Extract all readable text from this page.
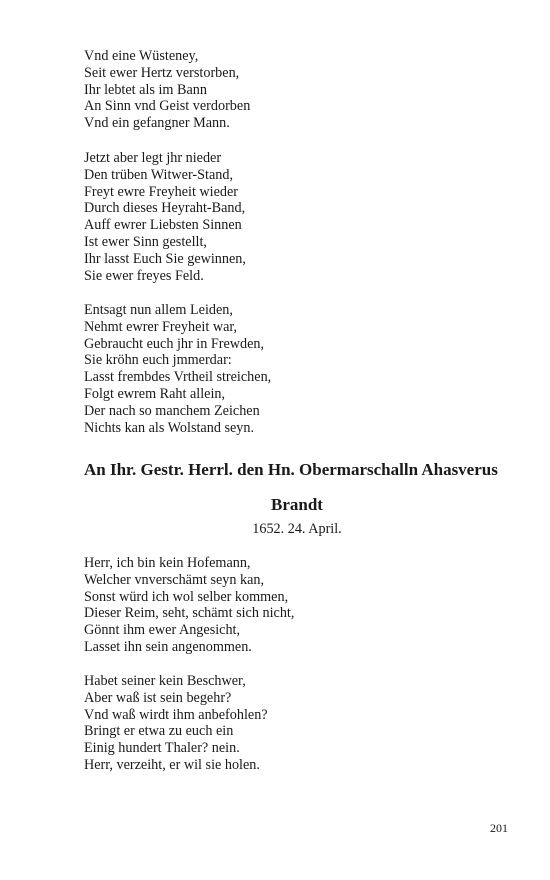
Vnd eine Wüsteney,
Seit ewer Hertz verstorben,
Ihr lebtet als im Bann
An Sinn vnd Geist verdorben
Vnd ein gefangner Mann.
Jetzt aber legt jhr nieder
Den trüben Witwer-Stand,
Freyt ewre Freyheit wieder
Durch dieses Heyraht-Band,
Auff ewrer Liebsten Sinnen
Ist ewer Sinn gestellt,
Ihr lasst Euch Sie gewinnen,
Sie ewer freyes Feld.
Entsagt nun allem Leiden,
Nehmt ewrer Freyheit war,
Gebraucht euch jhr in Frewden,
Sie kröhn euch jmmerdar:
Lasst frembdes Vrtheil streichen,
Folgt ewrem Raht allein,
Der nach so manchem Zeichen
Nichts kan als Wolstand seyn.
An Ihr. Gestr. Herrl. den Hn. Obermarschalln Ahasverus
Brandt
1652. 24. April.
Herr, ich bin kein Hofemann,
Welcher vnverschämt seyn kan,
Sonst würd ich wol selber kommen,
Dieser Reim, seht, schämt sich nicht,
Gönnt ihm ewer Angesicht,
Lasset ihn sein angenommen.
Habet seiner kein Beschwer,
Aber waß ist sein begehr?
Vnd waß wirdt ihm anbefohlen?
Bringt er etwa zu euch ein
Einig hundert Thaler? nein.
Herr, verzeiht, er wil sie holen.
201
